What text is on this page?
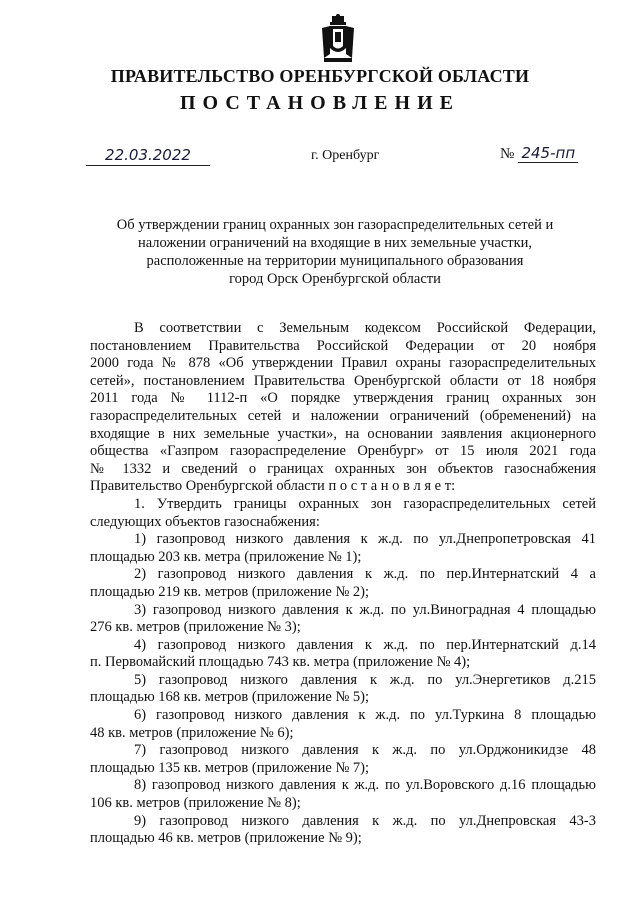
ПРАВИТЕЛЬСТВО ОРЕНБУРГСКОЙ ОБЛАСТИ
ПОСТАНОВЛЕНИЕ
22.03.2022	г. Оренбург	№ 245-пп
Об утверждении границ охранных зон газораспределительных сетей и
наложении ограничений на входящие в них земельные участки,
расположенные на территории муниципального образования
город Орск Оренбургской области
В соответствии с Земельным кодексом Российской Федерации,
постановлением Правительства Российской Федерации от 20 ноября
2000 года № 878 «Об утверждении Правил охраны газораспределительных
сетей», постановлением Правительства Оренбургской области от 18 ноября
2011 года № 1112-п «О порядке утверждения границ охранных зон
газораспределительных сетей и наложении ограничений (обременений) на
входящие в них земельные участки», на основании заявления акционерного
общества «Газпром газораспределение Оренбург» от 15 июля 2021 года
№ 1332 и сведений о границах охранных зон объектов газоснабжения
Правительство Оренбургской области п о с т а н о в л я е т:
1. Утвердить границы охранных зон газораспределительных сетей
следующих объектов газоснабжения:
1) газопровод низкого давления к ж.д. по ул.Днепропетровская 41
площадью 203 кв. метра (приложение № 1);
2) газопровод низкого давления к ж.д. по пер.Интернатский 4 а
площадью 219 кв. метров (приложение № 2);
3) газопровод низкого давления к ж.д. по ул.Виноградная 4 площадью
276 кв. метров (приложение № 3);
4) газопровод низкого давления к ж.д. по пер.Интернатский д.14
п. Первомайский площадью 743 кв. метра (приложение № 4);
5) газопровод низкого давления к ж.д. по ул.Энергетиков д.215
площадью 168 кв. метров (приложение № 5);
6) газопровод низкого давления к ж.д. по ул.Туркина 8 площадью
48 кв. метров (приложение № 6);
7) газопровод низкого давления к ж.д. по ул.Орджоникидзе 48
площадью 135 кв. метров (приложение № 7);
8) газопровод низкого давления к ж.д. по ул.Воровского д.16 площадью
106 кв. метров (приложение № 8);
9) газопровод низкого давления к ж.д. по ул.Днепровская 43-3
площадью 46 кв. метров (приложение № 9);
